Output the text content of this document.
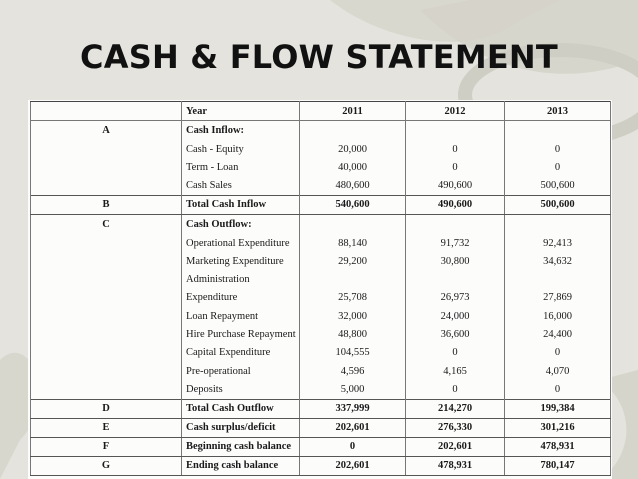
CASH & FLOW STATEMENT
	Year	2011	2012	2013
A	Cash Inflow:			
	Cash - Equity	20,000	0	0
	Term - Loan	40,000	0	0
	Cash Sales	480,600	490,600	500,600
B	Total Cash Inflow	540,600	490,600	500,600
C	Cash Outflow:			
	Operational Expenditure	88,140	91,732	92,413
	Marketing Expenditure	29,200	30,800	34,632
	Administration			
	Expenditure	25,708	26,973	27,869
	Loan Repayment	32,000	24,000	16,000
	Hire Purchase Repayment	48,800	36,600	24,400
	Capital Expenditure	104,555	0	0
	Pre-operational	4,596	4,165	4,070
	Deposits	5,000	0	0
D	Total Cash Outflow	337,999	214,270	199,384
E	Cash surplus/deficit	202,601	276,330	301,216
F	Beginning cash balance	0	202,601	478,931
G	Ending cash balance	202,601	478,931	780,147
